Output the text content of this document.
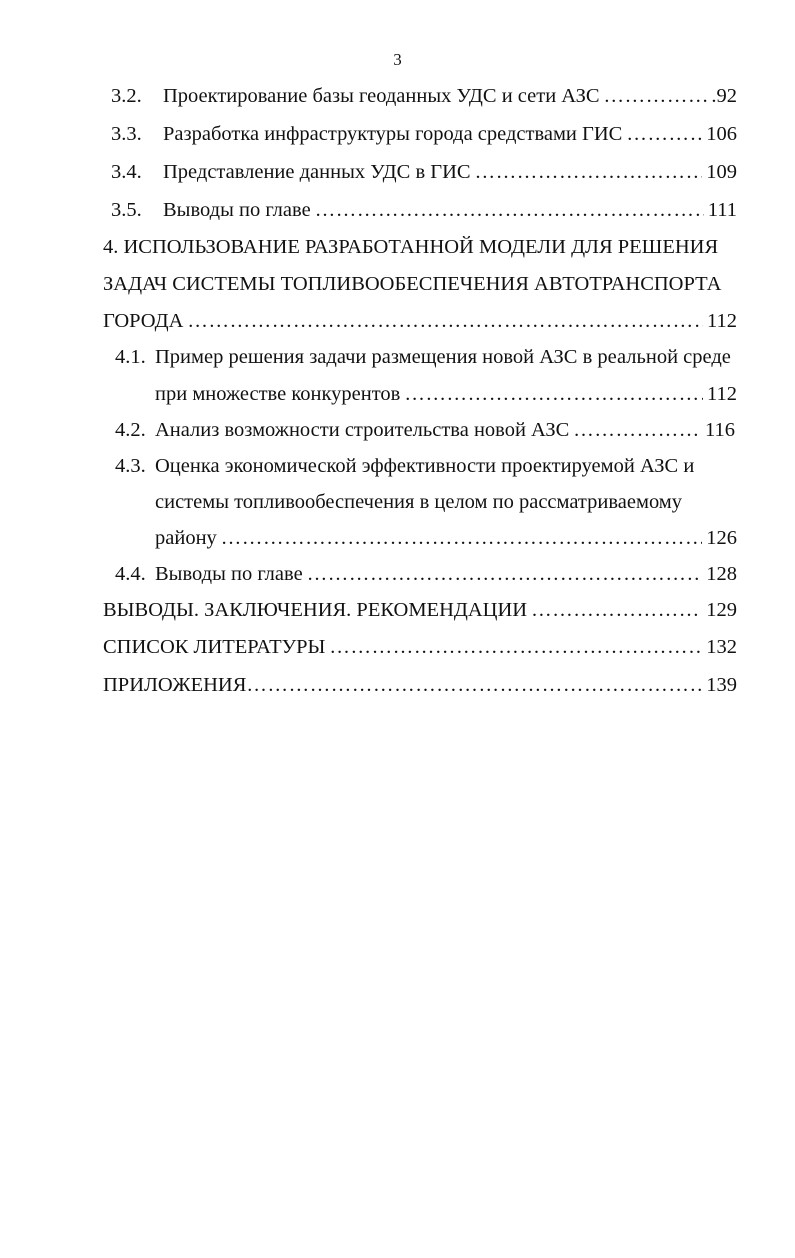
3
3.2.	Проектирование базы геоданных УДС и сети АЗС ……………………………………………………………………………………………………………………………………………………………………	.92
3.3.	Разработка инфраструктуры города средствами ГИС ……………………………………………………………………………………………………………………………………………………………………	106
3.4.	Представление данных УДС в ГИС ……………………………………………………………………………………………………………………………………………………………………	109
3.5.	Выводы по главе ……………………………………………………………………………………………………………………………………………………………………	111
4. ИСПОЛЬЗОВАНИЕ РАЗРАБОТАННОЙ МОДЕЛИ ДЛЯ РЕШЕНИЯ
ЗАДАЧ СИСТЕМЫ ТОПЛИВООБЕСПЕЧЕНИЯ АВТОТРАНСПОРТА
ГОРОДА ……………………………………………………………………………………………………………………………………………………………………	112
4.1. Пример решения задачи размещения новой АЗС в реальной среде
при множестве конкурентов ……………………………………………………………………………………………………………………………………………………………………	112
4.2. Анализ возможности строительства новой АЗС ……………………………………………………………………………………………………………………………………………………………………	116
4.3. Оценка экономической эффективности проектируемой АЗС и
системы топливообеспечения в целом по рассматриваемому
району ……………………………………………………………………………………………………………………………………………………………………	126
4.4. Выводы по главе ……………………………………………………………………………………………………………………………………………………………………	128
ВЫВОДЫ. ЗАКЛЮЧЕНИЯ. РЕКОМЕНДАЦИИ ……………………………………………………………………………………………………………………………………………………………………	129
СПИСОК ЛИТЕРАТУРЫ ……………………………………………………………………………………………………………………………………………………………………	132
ПРИЛОЖЕНИЯ ……………………………………………………………………………………………………………………………………………………………………	139
